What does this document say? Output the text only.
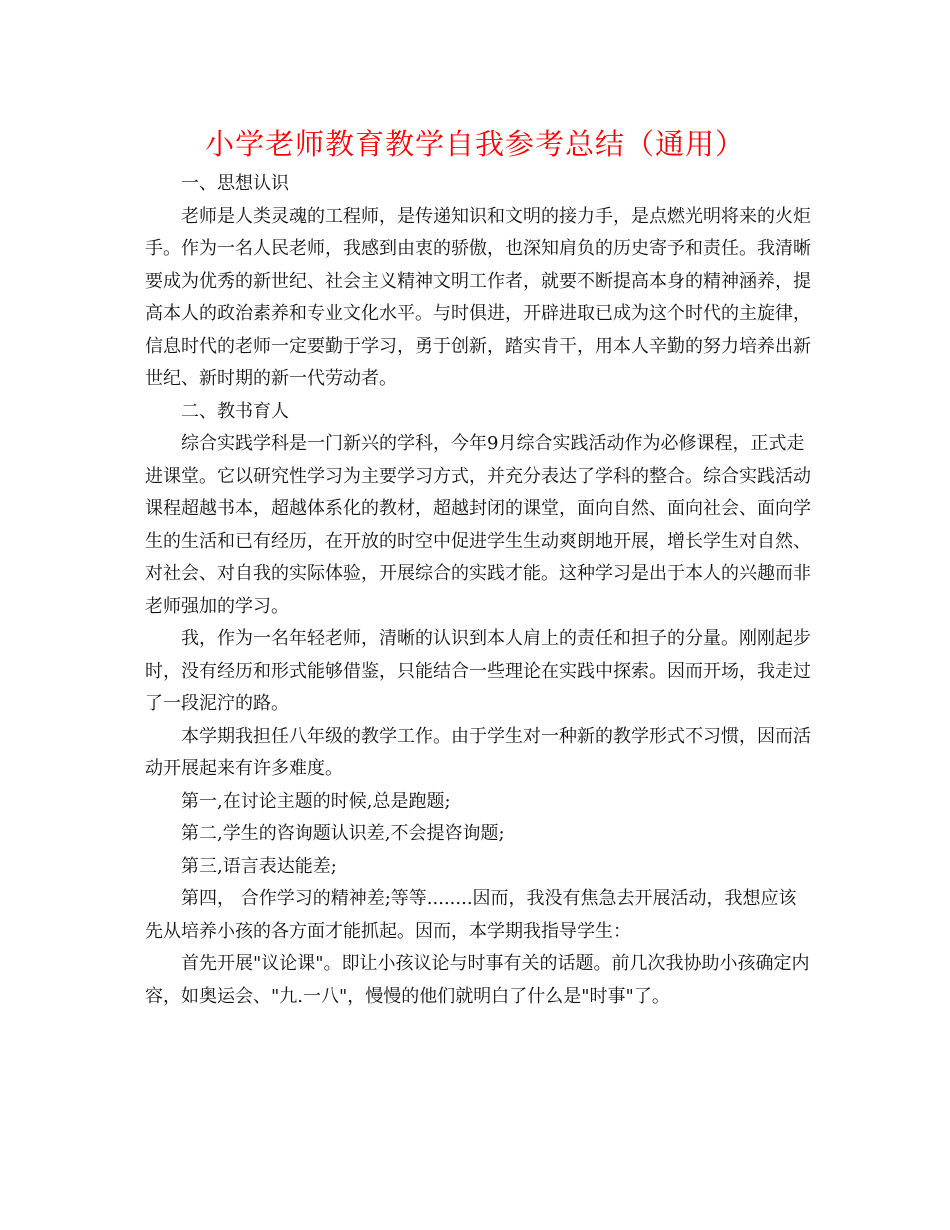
小学老师教育教学自我参考总结（通用）

一、思想认识

老师是人类灵魂的工程师，是传递知识和文明的接力手，是点燃光明将来的火炬手。作为一名人民老师，我感到由衷的骄傲，也深知肩负的历史寄予和责任。我清晰要成为优秀的新世纪、社会主义精神文明工作者，就要不断提高本身的精神涵养，提高本人的政治素养和专业文化水平。与时俱进，开辟进取已成为这个时代的主旋律，信息时代的老师一定要勤于学习，勇于创新，踏实肯干，用本人辛勤的努力培养出新世纪、新时期的新一代劳动者。

二、教书育人

综合实践学科是一门新兴的学科，今年9月综合实践活动作为必修课程，正式走进课堂。它以研究性学习为主要学习方式，并充分表达了学科的整合。综合实践活动课程超越书本，超越体系化的教材，超越封闭的课堂，面向自然、面向社会、面向学生的生活和已有经历，在开放的时空中促进学生生动爽朗地开展，增长学生对自然、对社会、对自我的实际体验，开展综合的实践才能。这种学习是出于本人的兴趣而非老师强加的学习。

我，作为一名年轻老师，清晰的认识到本人肩上的责任和担子的分量。刚刚起步时，没有经历和形式能够借鉴，只能结合一些理论在实践中探索。因而开场，我走过了一段泥泞的路。

本学期我担任八年级的教学工作。由于学生对一种新的教学形式不习惯，因而活动开展起来有许多难度。

第一,在讨论主题的时候,总是跑题;

第二,学生的咨询题认识差,不会提咨询题;

第三,语言表达能差;

第四， 合作学习的精神差;等等........因而，我没有焦急去开展活动，我想应该先从培养小孩的各方面才能抓起。因而，本学期我指导学生：

首先开展"议论课"。即让小孩议论与时事有关的话题。前几次我协助小孩确定内容，如奥运会、"九.一八"，慢慢的他们就明白了什么是"时事"了。
